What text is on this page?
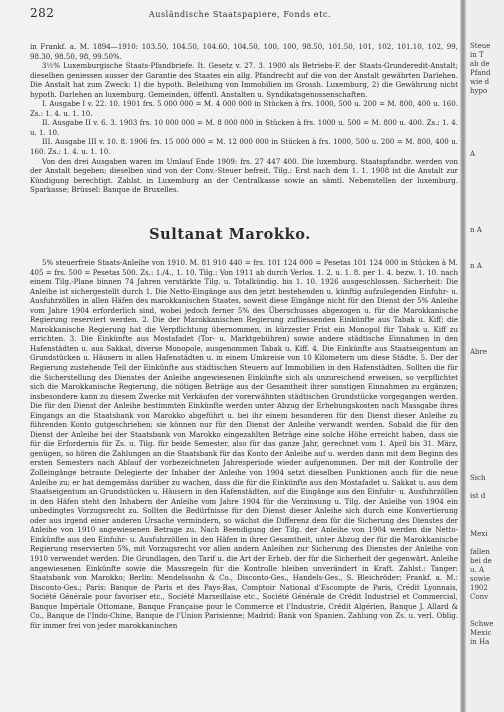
282	Ausländische Staatspapiere, Fonds etc.

in Frankf. a. M. 1894—1910: 103.50, 104.50, 104.60, 104.50, 100, 100, 98.50, 101.50, 101, 102, 101.10, 102, 99, 98.30, 98.50, 98, 99.50%.

3½% Luxemburgische Staats-Pfandbriefe. It. Gesetz v. 27. 3. 1900 als Betriebs-F. der Staats-Grunderedit-Anstalt; dieselben geniessen ausser der Garantie des Staates ein allg. Pfandrecht auf die von der Anstalt gewährten Darlehen. Die Anstalt hat zum Zweck: 1) die hypoth. Beleihung von Immobilien im Grossh. Luxemburg, 2) die Gewährung nicht hypoth. Darlehen an luxemburg. Gemeinden, öffentl. Anstalten u. Syndikatsgenossenschaften.

I. Ausgabe I v. 22. 10. 1901 frs. 5 000 000 = M. 4 000 000 in Stücken à frs. 1000, 500 u. 200 = M. 800, 400 u. 160. Zs.: 1. 4. u. 1. 10.

II. Ausgabe II v. 6. 3. 1903 frs. 10 000 000 = M. 8 000 000 in Stücken à frs. 1000 u. 500 = M. 800 u. 400. Zs.: 1. 4. u. 1. 10.

III. Ausgabe III v. 10. 8. 1906 frs. 15 000 000 = M. 12 000 000 in Stücken à frs. 1000, 500 u. 200 = M. 800, 400 u. 160. Zs.: 1. 4. u. 1. 10.

Von den drei Ausgaben waren im Umlauf Ende 1909: frs. 27 447 400. Die luxemburg. Staatspfandbr. werden von der Anstalt begeben; dieselben sind von der Conv.-Steuer befreit. Tilg.: Erst nach dem 1. 1. 1908 ist die Anstalt zur Kündigung berechtigt. Zahlst. in Luxemburg an der Centralkasse sowie an sämtl. Nebenstellen der luxemburg. Sparkasse; Brüssel: Banque de Bruxelles.

Sultanat Marokko.

5% steuerfreie Staats-Anleihe von 1910. M. 81 910 440 = frs. 101 124 000 = Pesetas 101 124 000 in Stücken à M. 405 = frs. 500 = Pesetas 500. Zs.: 1./4., 1. 10. Tilg.: Von 1911 ab durch Verlos. 1. 2. u. 1. 8. per 1. 4. bezw. 1. 10. nach einem Tilg.-Plane binnen 74 Jahren verstärkte Tilg. u. Totalkündig. bis 1. 10. 1926 ausgeschlossen. Sicherheit: Die Anleihe ist sichergestellt durch 1. Die Netto-Eingänge aus den jetzt bestehenden u. künftig aufzulegenden Einfuhr- u. Ausfuhrzöllen in allen Häfen des marokkanischen Staates, soweit diese Eingänge nicht für den Dienst der 5% Anleihe vom Jahre 1904 erforderlich sind, wobei jedoch ferner 5% des Überschusses abgezogen u. für die Marokkanische Regierung reserviert werden. 2. Die der Marokkanischen Regierung zufliessenden Einkünfte aus Tabak u. Kiff; die Marokkanische Regierung hat die Verpflichtung übernommen, in kürzester Frist ein Monopol für Tabak u. Kiff zu errichten. 3. Die Einkünfte aus Mostafadet (Tor- u. Marktgebühren) sowie andere städtische Einnahmen in den Hafenstädten u. aus Sakkat, diverse Monopole, ausgenommen Tabak u. Kiff. 4. Die Einkünfte aus Staatseigentum an Grundstücken u. Häusern in allen Hafenstädten u. in einem Umkreise von 10 Kilometern um diese Städte. 5. Der der Regierung zustehende Teil der Einkünfte aus städtischen Steuern auf Immobilien in den Hafenstädten. Sollten die für die Sicherstellung des Dienstes der Anleihe angewiesenen Einkünfte sich als unzureichend erweisen, so verpflichtet sich die Marokkanische Regierung, die nötigen Beträge aus der Gesamtheit ihrer sonstigen Einnahmen zu ergänzen; insbesondere kann zu diesem Zwecke mit Verkäufen der vorerwähnten städtischen Grundstücke vorgegangen werden. Die für den Dienst der Anleihe bestimmten Einkünfte werden unter Abzug der Erhebungskosten nach Massgabe ihres Eingangs an die Staatsbank von Marokko abgeführt u. bei ihr einem besonderen für den Dienst dieser Anleihe zu führenden Konto gutgeschrieben; sie können nur für den Dienst der Anleihe verwandt werden. Sobald die für den Dienst der Anleihe bei der Staatsbank von Marokko eingezahlten Beträge eine solche Höhe erreicht haben, dass sie für die Erfordernis für Zs. u. Tilg. für beide Semester, also für das ganze Jahr, gerechnet vom 1. April bis 31. März, genügen, so hören die Zahlungen an die Staatsbank für das Konto der Anleihe auf u. werden dann mit dem Beginn des ersten Semesters nach Ablauf der vorbezeichneten Jahresperiode wieder aufgenommen. Der mit der Kontrolle der Zolleingänge betraute Delegierte der Inhaber der Anleihe von 1904 setzt dieselben Funktionen auch für die neue Anleihe zu; er hat demgemäss darüber zu wachen, dass die für die Einkünfte aus den Mostafadet u. Sakkat u. aus dem Staatseigentum an Grundstücken u. Häusern in den Hafenstädten, auf die Eingänge aus den Einfuhr- u. Ausfuhrzöllen in den Häfen steht den Inhabern der Anleihe vom Jahre 1904 für die Verzinsung u. Tilg. der Anleihe von 1904 ein unbedingtes Vorzugsrecht zu. Sollten die Bedürfnisse für den Dienst dieser Anleihe sich durch eine Konvertierung oder aus irgend einer anderen Ursache vermindern, so wächst die Differenz dem für die Sicherung des Dienstes der Anleihe von 1910 angewiesenen Betrage zu. Nach Beendigung der Tilg. der Anleihe von 1904 werden die Netto-Einkünfte aus den Einfuhr- u. Ausfuhrzöllen in den Häfen in ihrer Gesamtheit, unter Abzug der für die Marokkanische Regierung reservierten 5%, mit Vorzugsrecht vor allen andern Anleihen zur Sicherung des Dienstes der Anleihe von 1910 verwendet werden. Die Grundlagen, den Tarif u. die Art der Erheb. der für die Sicherheit der gegenwärt. Anleihe angewiesenen Einkünfte sowie die Massregeln für die Kontrolle bleiben unverändert in Kraft. Zahlst.: Tanger: Staatsbank von Marokko; Berlin: Mendelssohn & Co., Disconto-Ges., Handels-Ges., S. Bleichröder; Frankf. a. M.: Disconto-Ges.; Paris: Banque de Paris et des Pays-Bas, Comptoir National d'Escompte de Paris, Crédit Lyonnais, Société Générale pour favoriser etc., Société Marseillaise etc., Société Générale de Crédit Industriel et Commercial, Banque Impériale Ottomane, Banque Française pour le Commerce et l'Industrie, Crédit Algérien, Banque J. Allard & Co., Banque de l'Indo-Chine, Banque de l'Union Parisienne; Madrid: Bank von Spanien. Zahlung von Zs. u. verl. Oblig. für immer frei von jeder marokkanischen

Steue
in T
ab de
Pfand
wie d
hypo
A
n A
n A
Abre
Sich
ist d
Mexi
fallen
bei de
u. A
sowie
1902
Conv
Schwe
Mexic
in Ha
